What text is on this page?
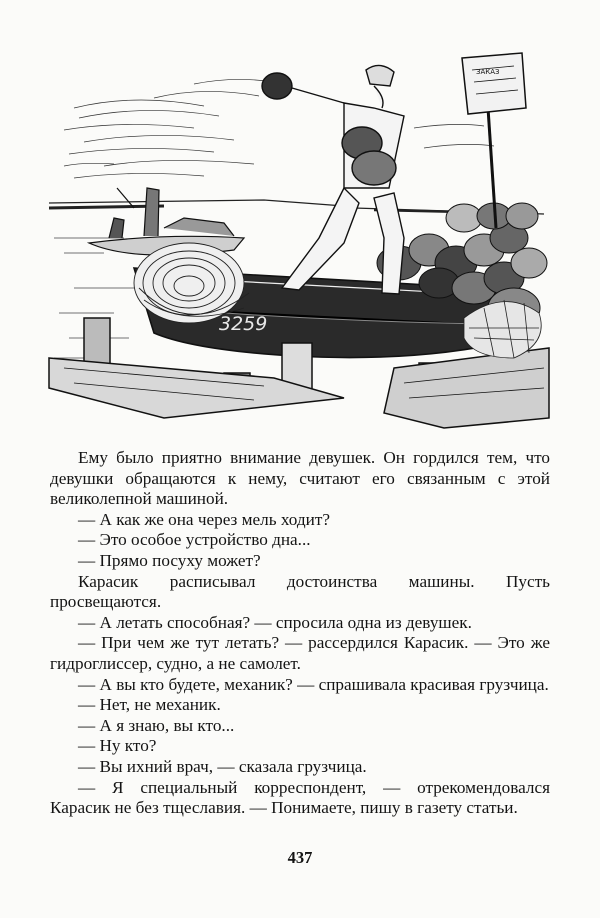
3259
ЗАКАЗ

Ему было приятно внимание девушек. Он гордился тем, что девушки обращаются к нему, считают его связанным с этой великолепной машиной.

— А как же она через мель ходит?

— Это особое устройство дна...

— Прямо посуху может?

Карасик расписывал достоинства машины. Пусть просвещаются.

— А летать способная? — спросила одна из девушек.

— При чем же тут летать? — рассердился Карасик. — Это же гидроглиссер, судно, а не самолет.

— А вы кто будете, механик? — спрашивала красивая грузчица.

— Нет, не механик.

— А я знаю, вы кто...

— Ну кто?

— Вы ихний врач, — сказала грузчица.

— Я специальный корреспондент, — отрекомендовался Карасик не без тщеславия. — Понимаете, пишу в газету статьи.

437
